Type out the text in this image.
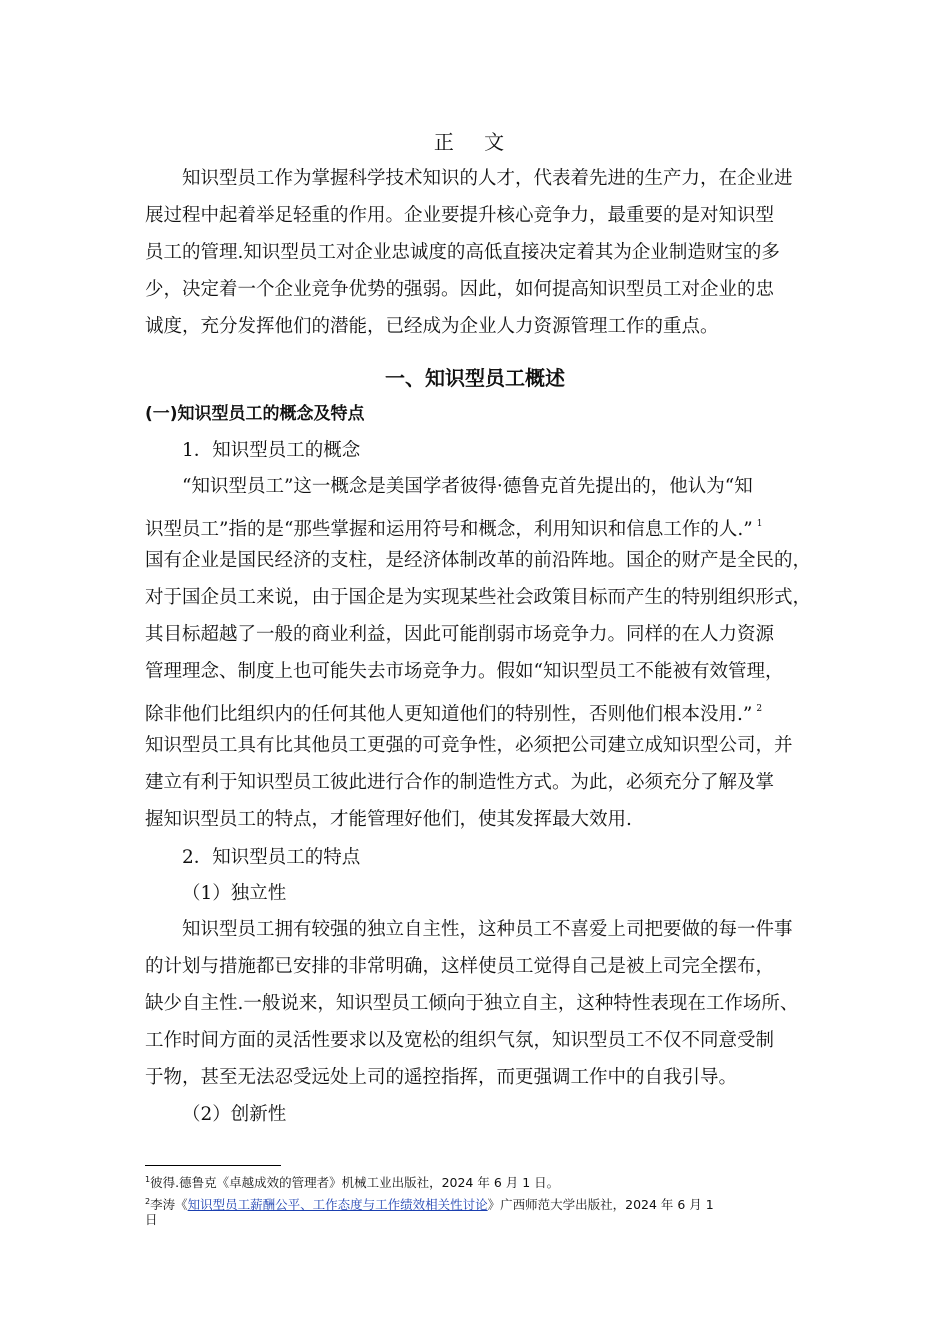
正 文
知识型员工作为掌握科学技术知识的人才，代表着先进的生产力，在企业进
展过程中起着举足轻重的作用。企业要提升核心竞争力，最重要的是对知识型
员工的管理.知识型员工对企业忠诚度的高低直接决定着其为企业制造财宝的多
少，决定着一个企业竞争优势的强弱。因此，如何提高知识型员工对企业的忠
诚度，充分发挥他们的潜能，已经成为企业人力资源管理工作的重点。
一、知识型员工概述
(一)知识型员工的概念及特点
1．知识型员工的概念
“知识型员工”这一概念是美国学者彼得·德鲁克首先提出的，他认为“知
识型员工”指的是“那些掌握和运用符号和概念，利用知识和信息工作的人.” $^1$
国有企业是国民经济的支柱，是经济体制改革的前沿阵地。国企的财产是全民的，
对于国企员工来说，由于国企是为实现某些社会政策目标而产生的特别组织形式，
其目标超越了一般的商业利益，因此可能削弱市场竞争力。同样的在人力资源
管理理念、制度上也可能失去市场竞争力。假如“知识型员工不能被有效管理，
除非他们比组织内的任何其他人更知道他们的特别性，否则他们根本没用.” $^2$
知识型员工具有比其他员工更强的可竞争性，必须把公司建立成知识型公司，并
建立有利于知识型员工彼此进行合作的制造性方式。为此，必须充分了解及掌
握知识型员工的特点，才能管理好他们，使其发挥最大效用.
2．知识型员工的特点
（1）独立性
知识型员工拥有较强的独立自主性，这种员工不喜爱上司把要做的每一件事
的计划与措施都已安排的非常明确，这样使员工觉得自己是被上司完全摆布，
缺少自主性.一般说来，知识型员工倾向于独立自主，这种特性表现在工作场所、
工作时间方面的灵活性要求以及宽松的组织气氛，知识型员工不仅不同意受制
于物，甚至无法忍受远处上司的遥控指挥，而更强调工作中的自我引导。
（2）创新性
$^1$彼得.德鲁克《卓越成效的管理者》机械工业出版社，2024 年 6 月 1 日。
$^2$李涛《知识型员工薪酬公平、工作态度与工作绩效相关性讨论》广西师范大学出版社，2024 年 6 月 1
日
